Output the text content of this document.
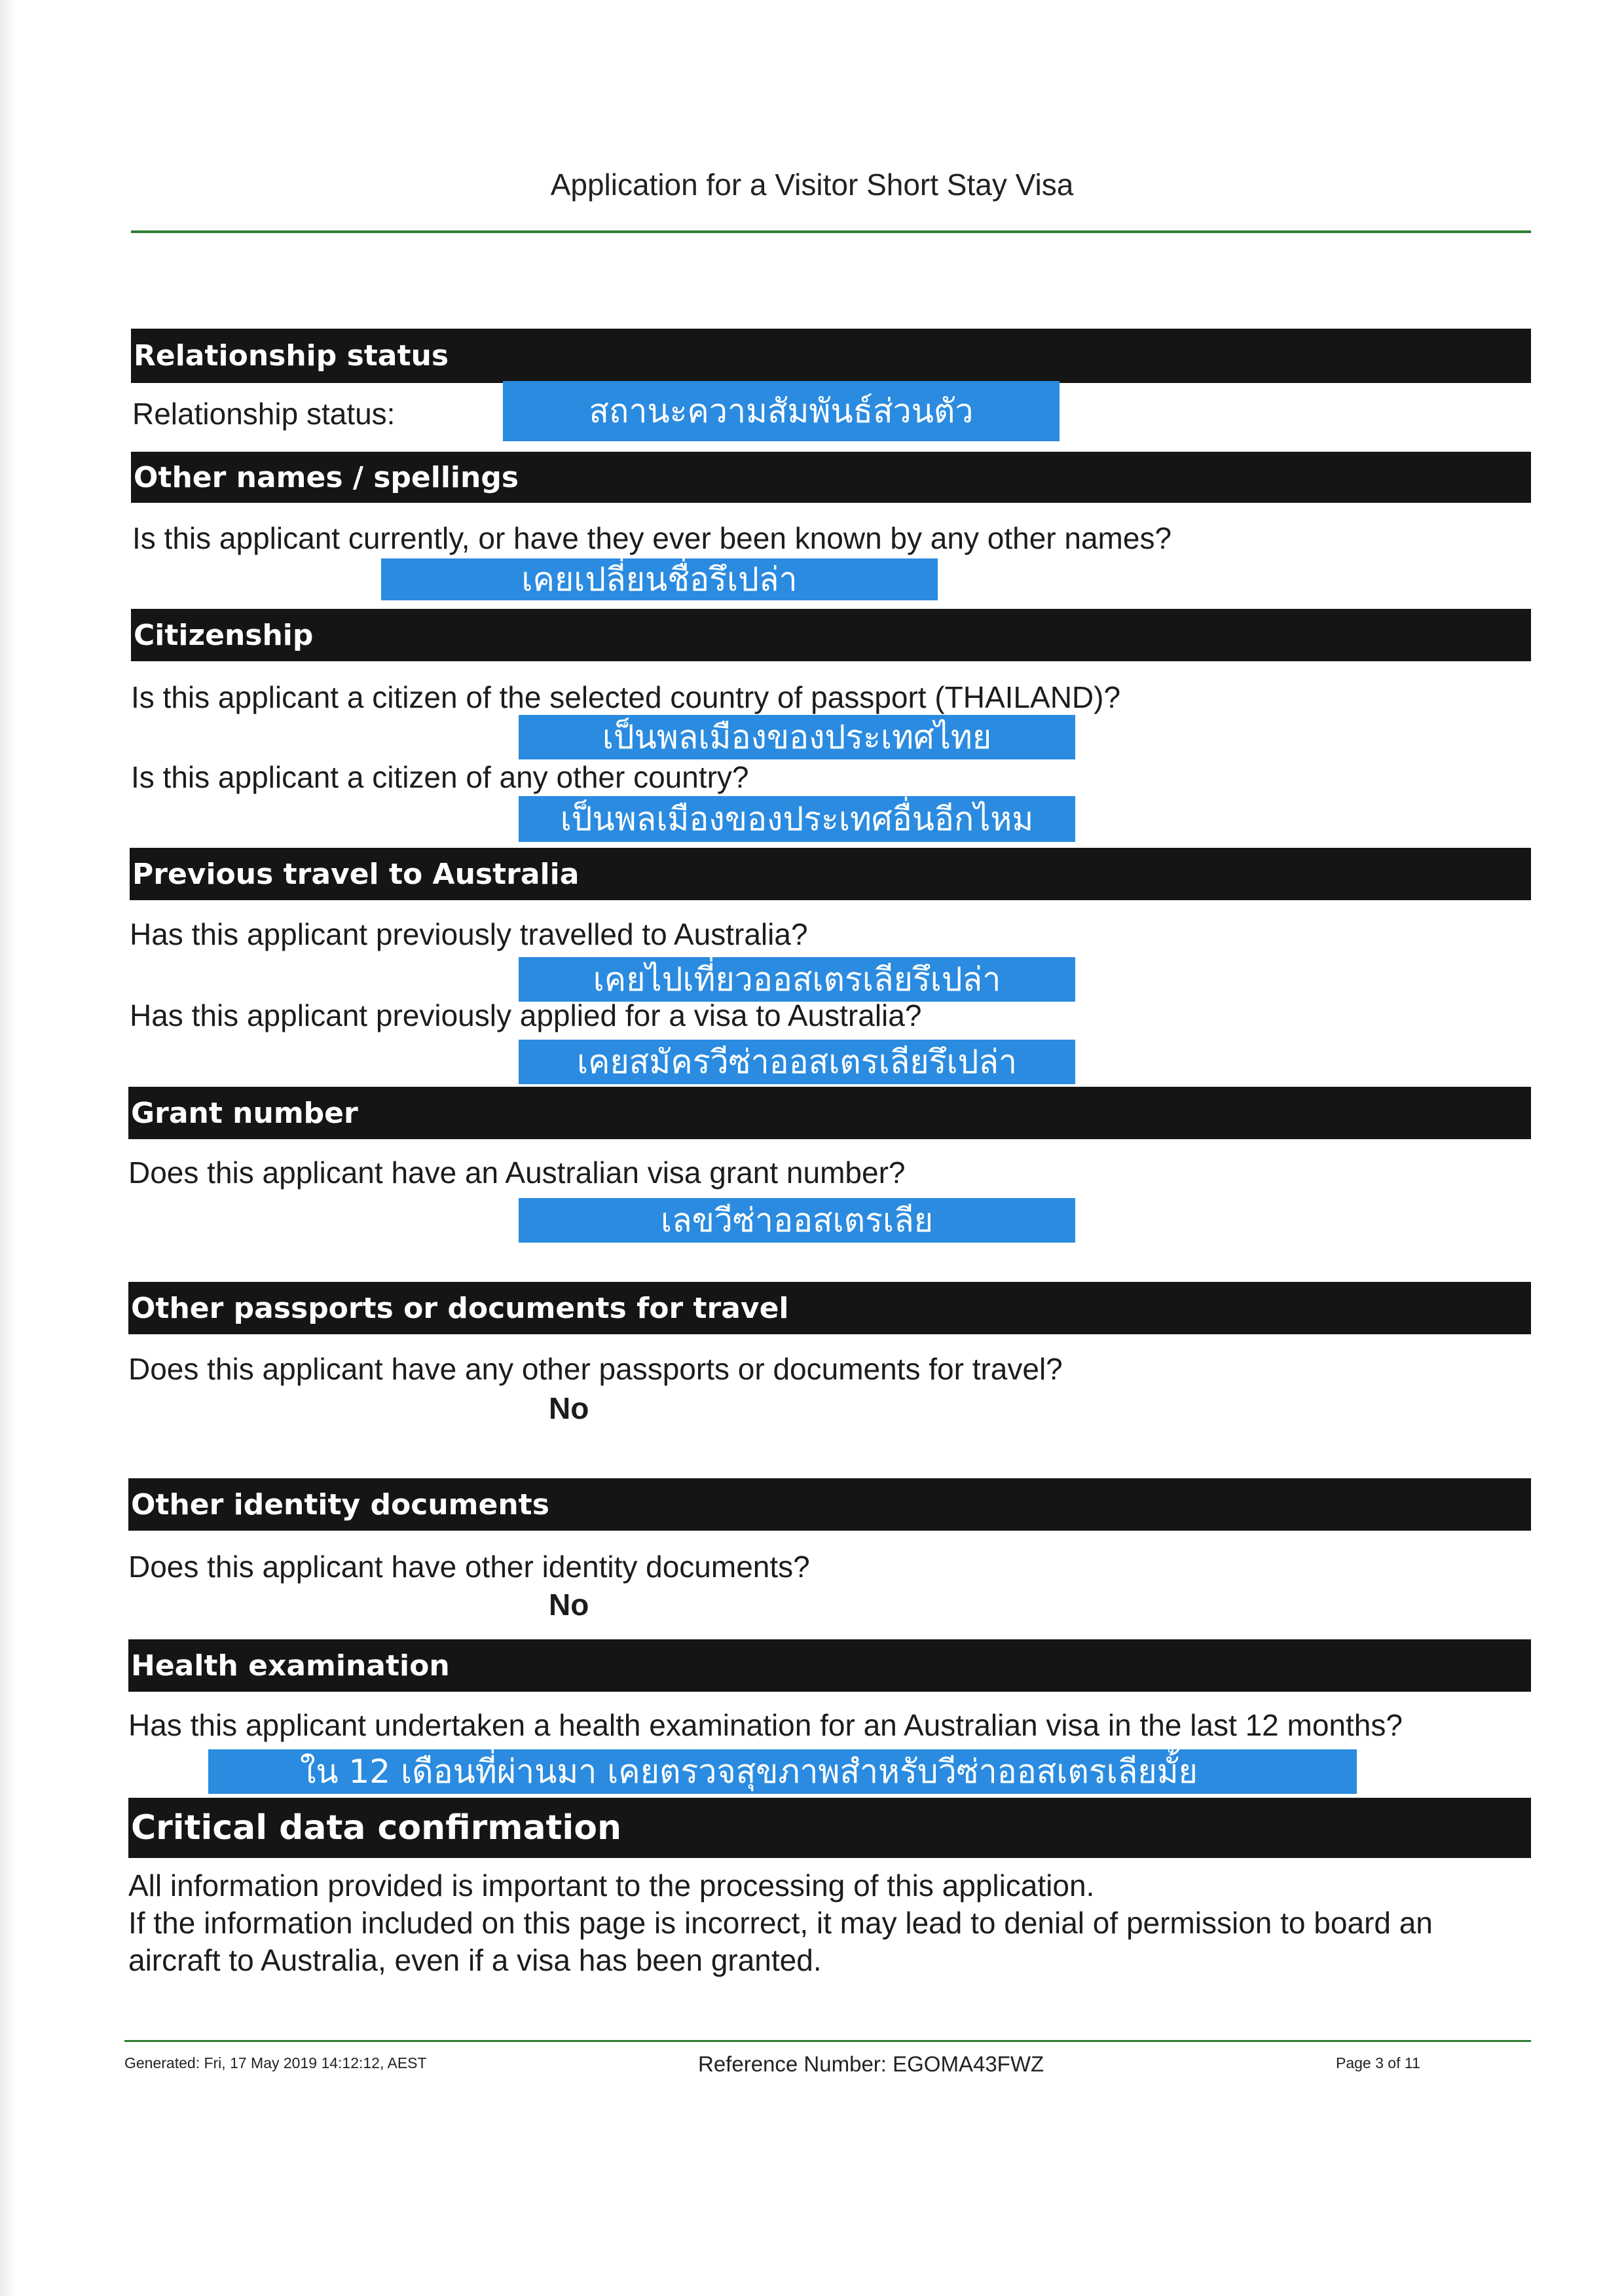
Application for a Visitor Short Stay Visa
Relationship status
Relationship status:	สถานะความสัมพันธ์ส่วนตัว
Other names / spellings
Is this applicant currently, or have they ever been known by any other names?
เคยเปลี่ยนชื่อรึเปล่า
Citizenship
Is this applicant a citizen of the selected country of passport (THAILAND)?
เป็นพลเมืองของประเทศไทย
Is this applicant a citizen of any other country?
เป็นพลเมืองของประเทศอื่นอีกไหม
Previous travel to Australia
Has this applicant previously travelled to Australia?
เคยไปเที่ยวออสเตรเลียรึเปล่า
Has this applicant previously applied for a visa to Australia?
เคยสมัครวีซ่าออสเตรเลียรึเปล่า
Grant number
Does this applicant have an Australian visa grant number?
เลขวีซ่าออสเตรเลีย
Other passports or documents for travel
Does this applicant have any other passports or documents for travel?
No
Other identity documents
Does this applicant have other identity documents?
No
Health examination
Has this applicant undertaken a health examination for an Australian visa in the last 12 months?
ใน 12 เดือนที่ผ่านมา เคยตรวจสุขภาพสำหรับวีซ่าออสเตรเลียมั้ย
Critical data confirmation
All information provided is important to the processing of this application.
If the information included on this page is incorrect, it may lead to denial of permission to board an
aircraft to Australia, even if a visa has been granted.
Generated: Fri, 17 May 2019 14:12:12, AEST	Reference Number: EGOMA43FWZ	Page 3 of 11
